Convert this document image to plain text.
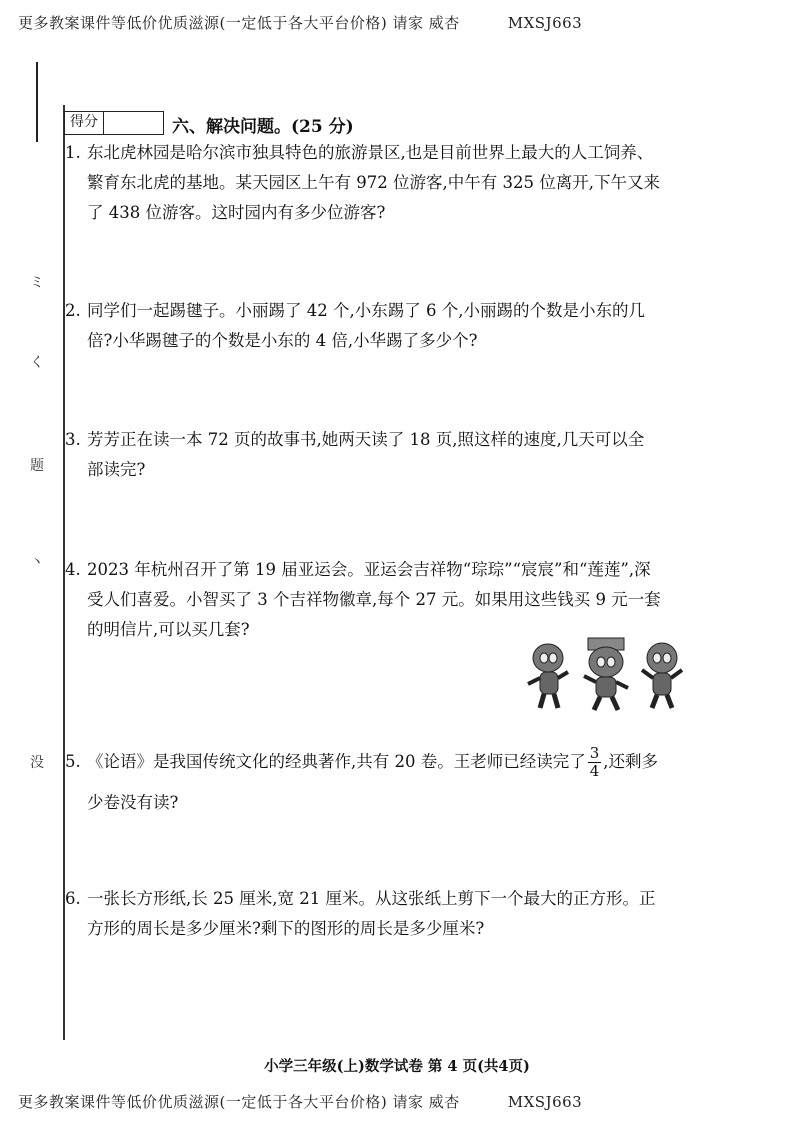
更多教案课件等低价优质滋源(一定低于各大平台价格) 请家 威杏	MXSJ663
ミ
く
题
丶
没
得分	六、解决问题。(25 分)
1. 东北虎林园是哈尔滨市独具特色的旅游景区,也是目前世界上最大的人工饲养、
繁育东北虎的基地。某天园区上午有 972 位游客,中午有 325 位离开,下午又来
了 438 位游客。这时园内有多少位游客?
2. 同学们一起踢毽子。小丽踢了 42 个,小东踢了 6 个,小丽踢的个数是小东的几
倍?小华踢毽子的个数是小东的 4 倍,小华踢了多少个?
3. 芳芳正在读一本 72 页的故事书,她两天读了 18 页,照这样的速度,几天可以全
部读完?
4. 2023 年杭州召开了第 19 届亚运会。亚运会吉祥物“琮琮”“宸宸”和“莲莲”,深
受人们喜爱。小智买了 3 个吉祥物徽章,每个 27 元。如果用这些钱买 9 元一套
的明信片,可以买几套?
5. 《论语》是我国传统文化的经典著作,共有 20 卷。王老师已经读完了 $\frac{3}{4}$ ,还剩多
少卷没有读?
6. 一张长方形纸,长 25 厘米,宽 21 厘米。从这张纸上剪下一个最大的正方形。正
方形的周长是多少厘米?剩下的图形的周长是多少厘米?
小学三年级(上)数学试卷 第 4 页(共4页)
更多教案课件等低价优质滋源(一定低于各大平台价格) 请家 威杏	MXSJ663
